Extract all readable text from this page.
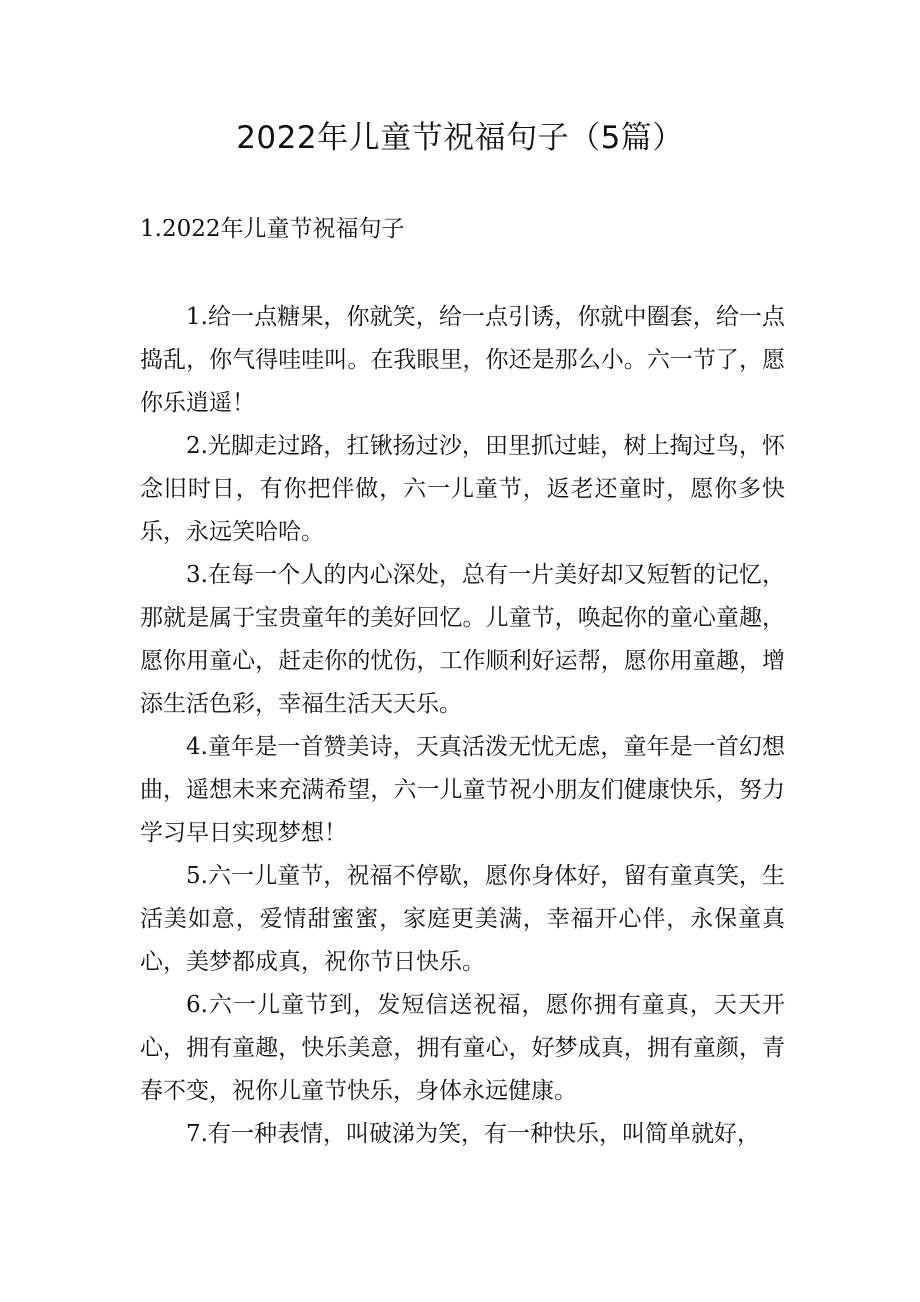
2022年儿童节祝福句子（5篇）
1.2022年儿童节祝福句子

1.给一点糖果，你就笑，给一点引诱，你就中圈套，给一点捣乱，你气得哇哇叫。在我眼里，你还是那么小。六一节了，愿你乐逍遥！

2.光脚走过路，扛锹扬过沙，田里抓过蛙，树上掏过鸟，怀念旧时日，有你把伴做，六一儿童节，返老还童时，愿你多快乐，永远笑哈哈。

3.在每一个人的内心深处，总有一片美好却又短暂的记忆，那就是属于宝贵童年的美好回忆。儿童节，唤起你的童心童趣，愿你用童心，赶走你的忧伤，工作顺利好运帮，愿你用童趣，增添生活色彩，幸福生活天天乐。

4.童年是一首赞美诗，天真活泼无忧无虑，童年是一首幻想曲，遥想未来充满希望，六一儿童节祝小朋友们健康快乐，努力学习早日实现梦想！

5.六一儿童节，祝福不停歇，愿你身体好，留有童真笑，生活美如意，爱情甜蜜蜜，家庭更美满，幸福开心伴，永保童真心，美梦都成真，祝你节日快乐。

6.六一儿童节到，发短信送祝福，愿你拥有童真，天天开心，拥有童趣，快乐美意，拥有童心，好梦成真，拥有童颜，青春不变，祝你儿童节快乐，身体永远健康。

7.有一种表情，叫破涕为笑，有一种快乐，叫简单就好，
